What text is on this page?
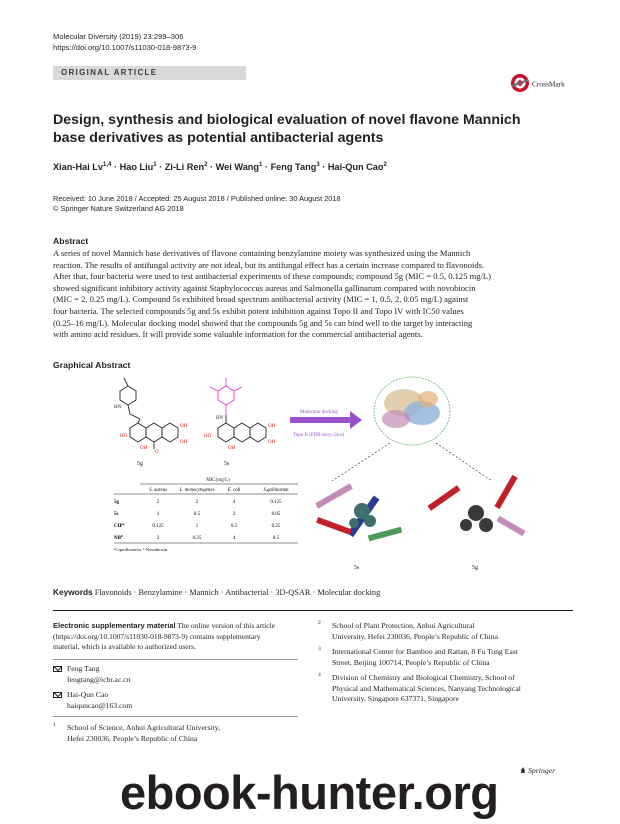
Molecular Diversity (2019) 23:299–306
https://doi.org/10.1007/s11030-018-9873-9
ORIGINAL ARTICLE
CrossMark
Design, synthesis and biological evaluation of novel flavone Mannich
base derivatives as potential antibacterial agents
Xian-Hai Lv$^{1,4}$ · Hao Liu$^1$ · Zi-Li Ren$^2$ · Wei Wang$^1$ · Feng Tang$^3$ · Hai-Qun Cao$^2$
Received: 10 June 2018 / Accepted: 25 August 2018 / Published online: 30 August 2018
© Springer Nature Switzerland AG 2018
Abstract
A series of novel Mannich base derivatives of flavone containing benzylamine moiety was synthesized using the Mannich
reaction. The results of antifungal activity are not ideal, but its antifungal effect has a certain increase compared to flavonoids.
After that, four bacteria were used to test antibacterial experiments of these compounds; compound 5g (MIC = 0.5, 0.125 mg/L)
showed significant inhibitory activity against Staphylococcus aureus and Salmonella gallinarum compared with novobiocin
(MIC = 2, 0.25 mg/L). Compound 5s exhibited broad spectrum antibacterial activity (MIC = 1, 0.5, 2, 0.05 mg/L) against
four bacteria. The selected compounds 5g and 5s exhibit potent inhibition against Topo II and Topo IV with IC50 values
(0.25–16 mg/L). Molecular docking model showed that the compounds 5g and 5s can bind well to the target by interacting
with amino acid residues. It will provide some valuable information for the commercial antibacterial agents.
Graphical Abstract
HN
HO
OH
OH
OH
O
5g
HN
HO
OH
OH
OH
5s
Molecular docking
Topo II (PDB entry:2xcs)
5s	5g
MIC(mg/L)
S. aureus	L. monocytogenes	E. coli	S.gallinarum
5g	2	2	4	0.125
5s	1	0.5	2	0.05
CIP$^a$	0.125	1	0.5	0.25
$NB^b$	2	0.25	4	0.5
ᵃCiprofloxacin. ᵇ Novobiocin.
Keywords Flavonoids · Benzylamine · Mannich · Antibacterial · 3D-QSAR · Molecular docking
Electronic supplementary material The online version of this article
(https://doi.org/10.1007/s11030-018-9873-9) contains supplementary
material, which is available to authorized users.
Feng Tang
fengtang@icbr.ac.cn
Hai-Qun Cao
haiquncao@163.com
1 School of Science, Anhui Agricultural University,
Hefei 230036, People’s Republic of China
2 School of Plant Protection, Anhui Agricultural
University, Hefei 230036, People’s Republic of China
3 International Center for Bamboo and Rattan, 8 Fu Tong East
Street, Beijing 100714, People’s Republic of China
4 Division of Chemistry and Biological Chemistry, School of
Physical and Mathematical Sciences, Nanyang Technological
University, Singapore 637371, Singapore
♞ Springer
ebook-hunter.org
